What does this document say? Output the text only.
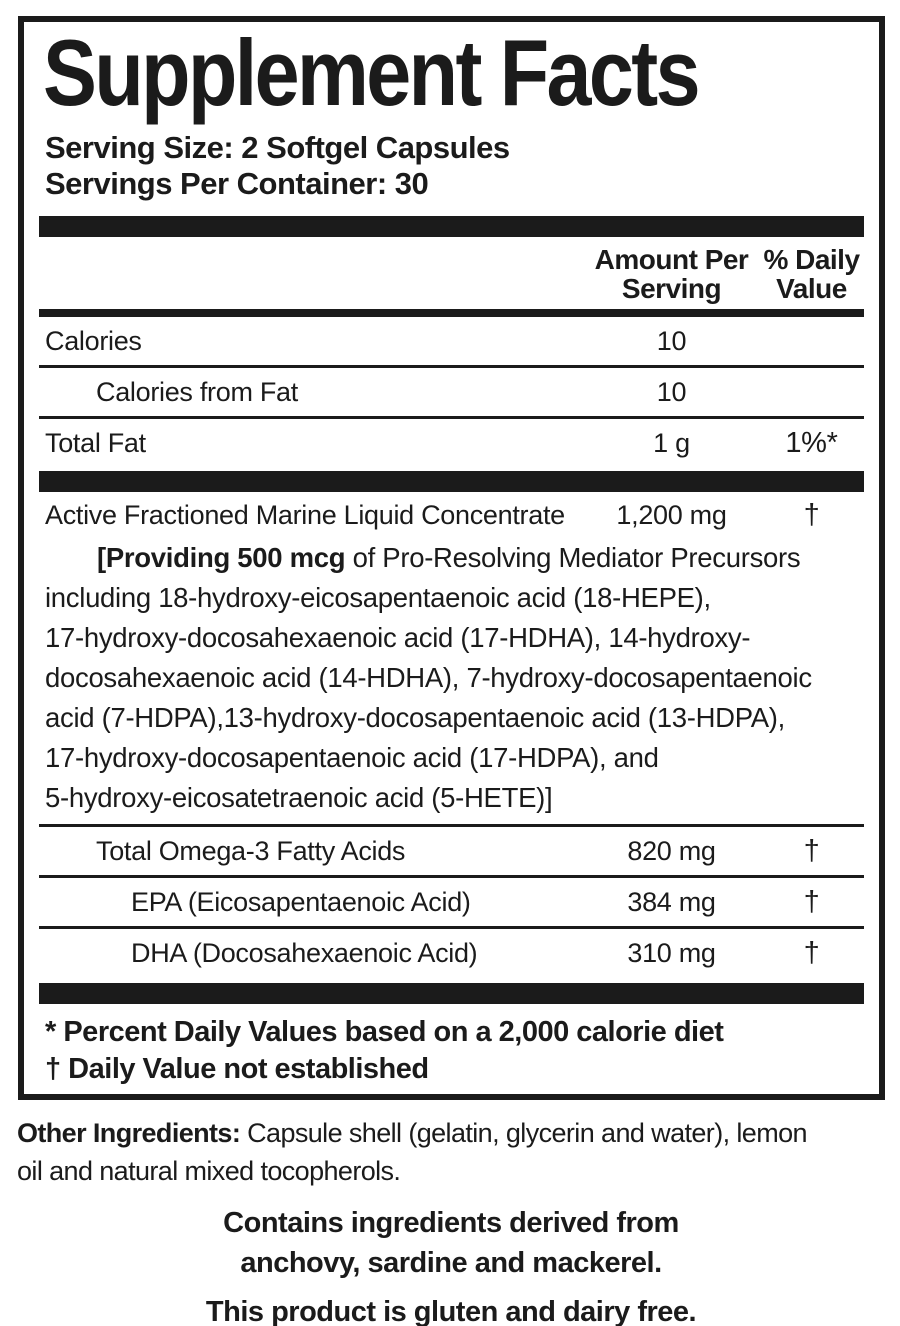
Supplement Facts
Serving Size: 2 Softgel Capsules
Servings Per Container: 30
Amount Per
Serving
% Daily
Value
Calories	10
Calories from Fat	10
Total Fat	1 g	1%*
Active Fractioned Marine Liquid Concentrate	1,200 mg	†
[Providing 500 mcg of Pro-Resolving Mediator Precursors
including 18-hydroxy-eicosapentaenoic acid (18-HEPE),
17-hydroxy-docosahexaenoic acid (17-HDHA), 14-hydroxy-
docosahexaenoic acid (14-HDHA), 7-hydroxy-docosapentaenoic
acid (7-HDPA),13-hydroxy-docosapentaenoic acid (13-HDPA),
17-hydroxy-docosapentaenoic acid (17-HDPA), and
5-hydroxy-eicosatetraenoic acid (5-HETE)]
Total Omega-3 Fatty Acids	820 mg	†
EPA (Eicosapentaenoic Acid)	384 mg	†
DHA (Docosahexaenoic Acid)	310 mg	†
* Percent Daily Values based on a 2,000 calorie diet
† Daily Value not established
Other Ingredients: Capsule shell (gelatin, glycerin and water), lemon
oil and natural mixed tocopherols.
Contains ingredients derived from
anchovy, sardine and mackerel.
This product is gluten and dairy free.
